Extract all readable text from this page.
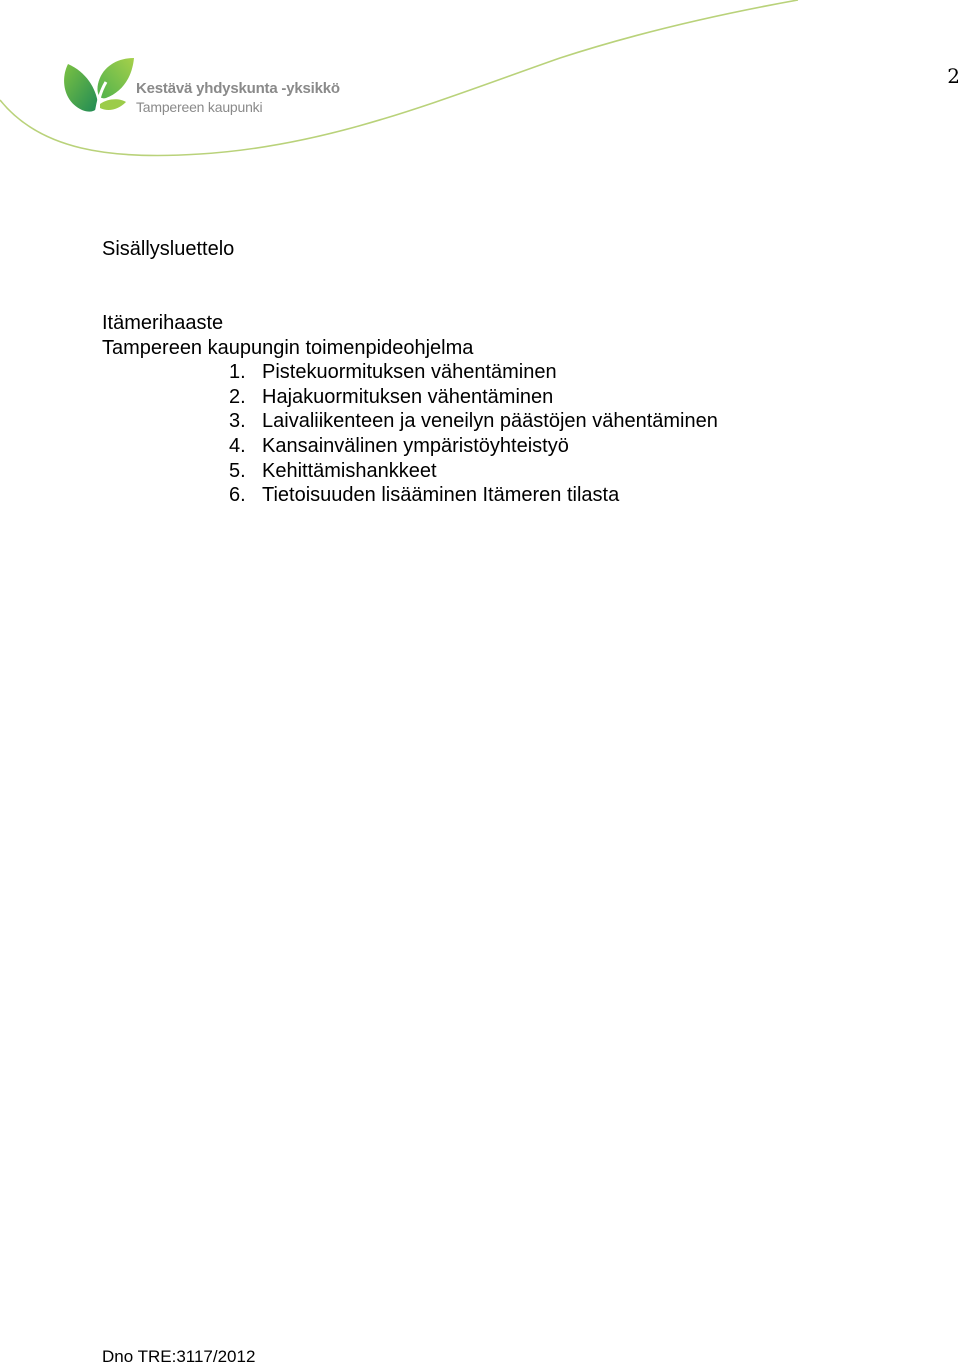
Kestävä yhdyskunta -yksikkö
Tampereen kaupunki
2
Sisällysluettelo
Itämerihaaste
Tampereen kaupungin toimenpideohjelma
1. Pistekuormituksen vähentäminen
2. Hajakuormituksen vähentäminen
3. Laivaliikenteen ja veneilyn päästöjen vähentäminen
4. Kansainvälinen ympäristöyhteistyö
5. Kehittämishankkeet
6. Tietoisuuden lisääminen Itämeren tilasta
Dno TRE:3117/2012
